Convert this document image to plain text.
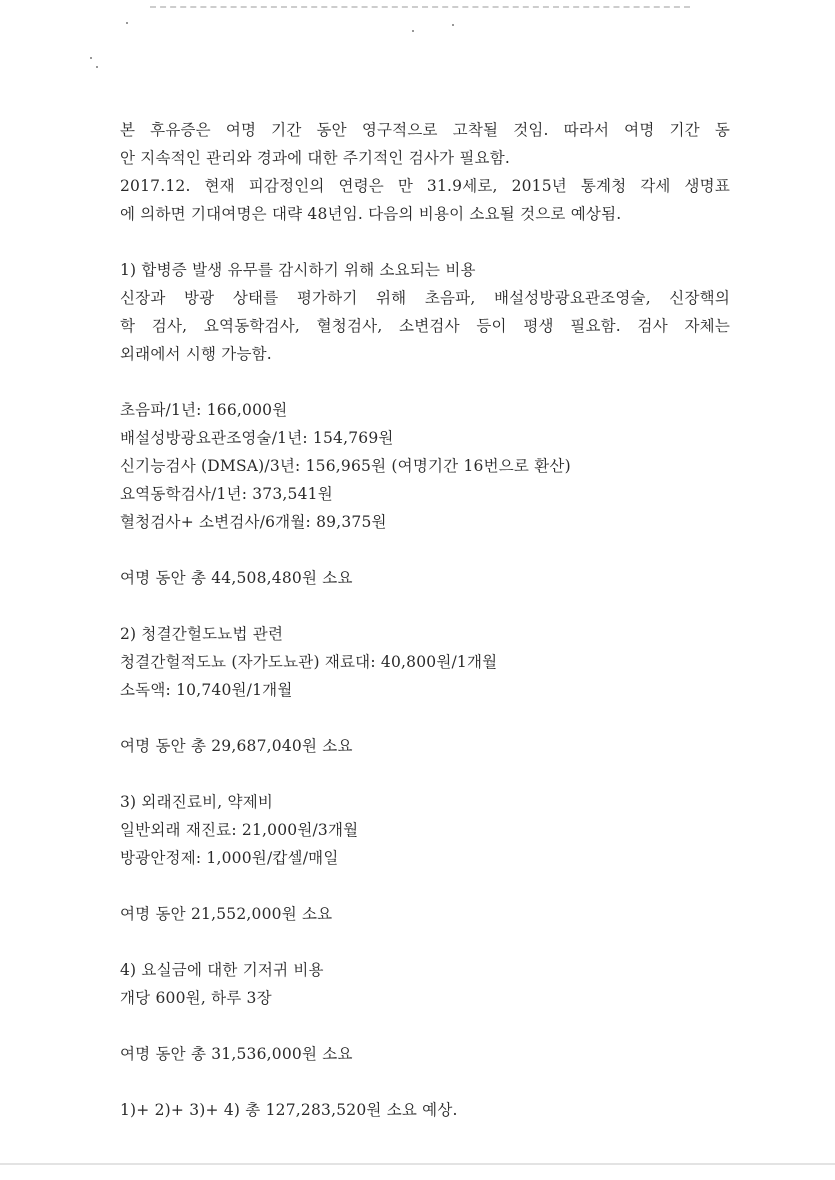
본 후유증은 여명 기간 동안 영구적으로 고착될 것임. 따라서 여명 기간 동
안 지속적인 관리와 경과에 대한 주기적인 검사가 필요함.
2017.12. 현재 피감정인의 연령은 만 31.9세로, 2015년 통계청 각세 생명표
에 의하면 기대여명은 대략 48년임. 다음의 비용이 소요될 것으로 예상됨.
1) 합병증 발생 유무를 감시하기 위해 소요되는 비용
신장과 방광 상태를 평가하기 위해 초음파, 배설성방광요관조영술, 신장핵의
학 검사, 요역동학검사, 혈청검사, 소변검사 등이 평생 필요함. 검사 자체는
외래에서 시행 가능함.
초음파/1년: 166,000원
배설성방광요관조영술/1년: 154,769원
신기능검사 (DMSA)/3년: 156,965원 (여명기간 16번으로 환산)
요역동학검사/1년: 373,541원
혈청검사+ 소변검사/6개월: 89,375원
여명 동안 총 44,508,480원 소요
2) 청결간헐도뇨법 관련
청결간헐적도뇨 (자가도뇨관) 재료대: 40,800원/1개월
소독액: 10,740원/1개월
여명 동안 총 29,687,040원 소요
3) 외래진료비, 약제비
일반외래 재진료: 21,000원/3개월
방광안정제: 1,000원/캅셀/매일
여명 동안 21,552,000원 소요
4) 요실금에 대한 기저귀 비용
개당 600원, 하루 3장
여명 동안 총 31,536,000원 소요
1)+ 2)+ 3)+ 4) 총 127,283,520원 소요 예상.
